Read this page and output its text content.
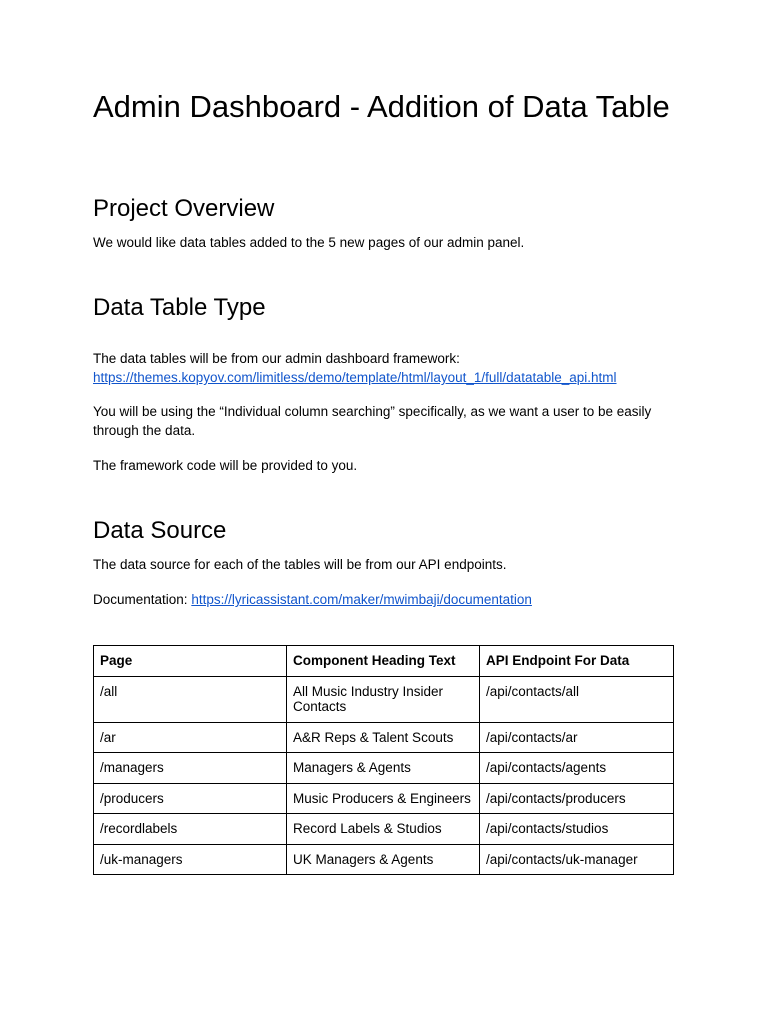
Admin Dashboard - Addition of Data Table
Project Overview

We would like data tables added to the 5 new pages of our admin panel.

Data Table Type

The data tables will be from our admin dashboard framework:
https://themes.kopyov.com/limitless/demo/template/html/layout_1/full/datatable_api.html

You will be using the “Individual column searching” specifically, as we want a user to be easily through the data.

The framework code will be provided to you.

Data Source

The data source for each of the tables will be from our API endpoints.

Documentation: https://lyricassistant.com/maker/mwimbaji/documentation

Page	Component Heading Text	API Endpoint For Data
/all	All Music Industry Insider Contacts	/api/contacts/all
/ar	A&R Reps & Talent Scouts	/api/contacts/ar
/managers	Managers & Agents	/api/contacts/agents
/producers	Music Producers & Engineers	/api/contacts/producers
/recordlabels	Record Labels & Studios	/api/contacts/studios
/uk-managers	UK Managers & Agents	/api/contacts/uk-manager
